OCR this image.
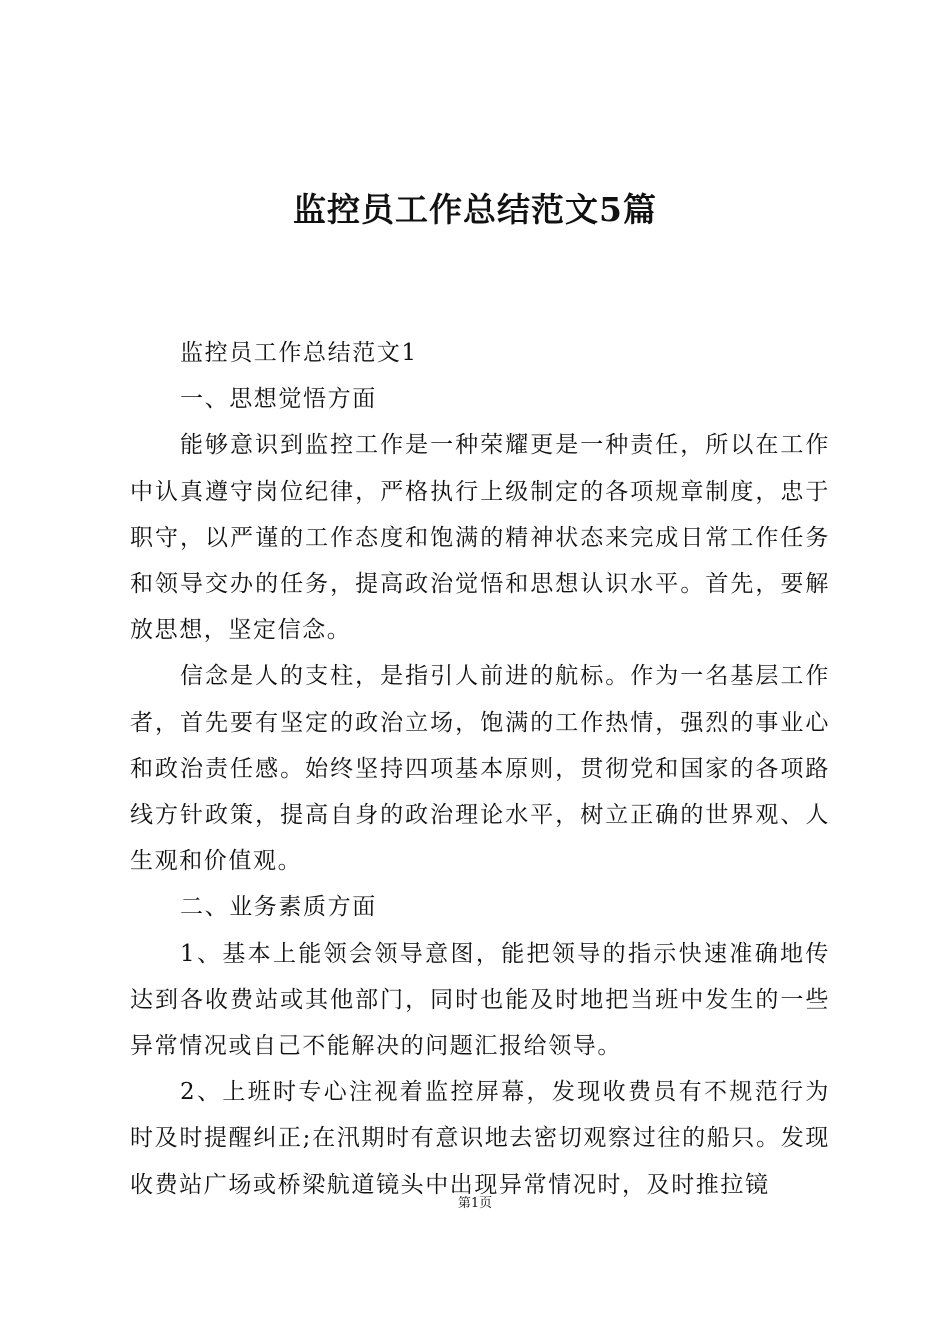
监控员工作总结范文5篇

监控员工作总结范文1

一、思想觉悟方面

能够意识到监控工作是一种荣耀更是一种责任，所以在工作中认真遵守岗位纪律，严格执行上级制定的各项规章制度，忠于职守，以严谨的工作态度和饱满的精神状态来完成日常工作任务和领导交办的任务，提高政治觉悟和思想认识水平。首先，要解放思想，坚定信念。

信念是人的支柱，是指引人前进的航标。作为一名基层工作者，首先要有坚定的政治立场，饱满的工作热情，强烈的事业心和政治责任感。始终坚持四项基本原则，贯彻党和国家的各项路线方针政策，提高自身的政治理论水平，树立正确的世界观、人生观和价值观。

二、业务素质方面

1、基本上能领会领导意图，能把领导的指示快速准确地传达到各收费站或其他部门，同时也能及时地把当班中发生的一些异常情况或自己不能解决的问题汇报给领导。

2、上班时专心注视着监控屏幕，发现收费员有不规范行为时及时提醒纠正;在汛期时有意识地去密切观察过往的船只。发现收费站广场或桥梁航道镜头中出现异常情况时，及时推拉镜

第1页
